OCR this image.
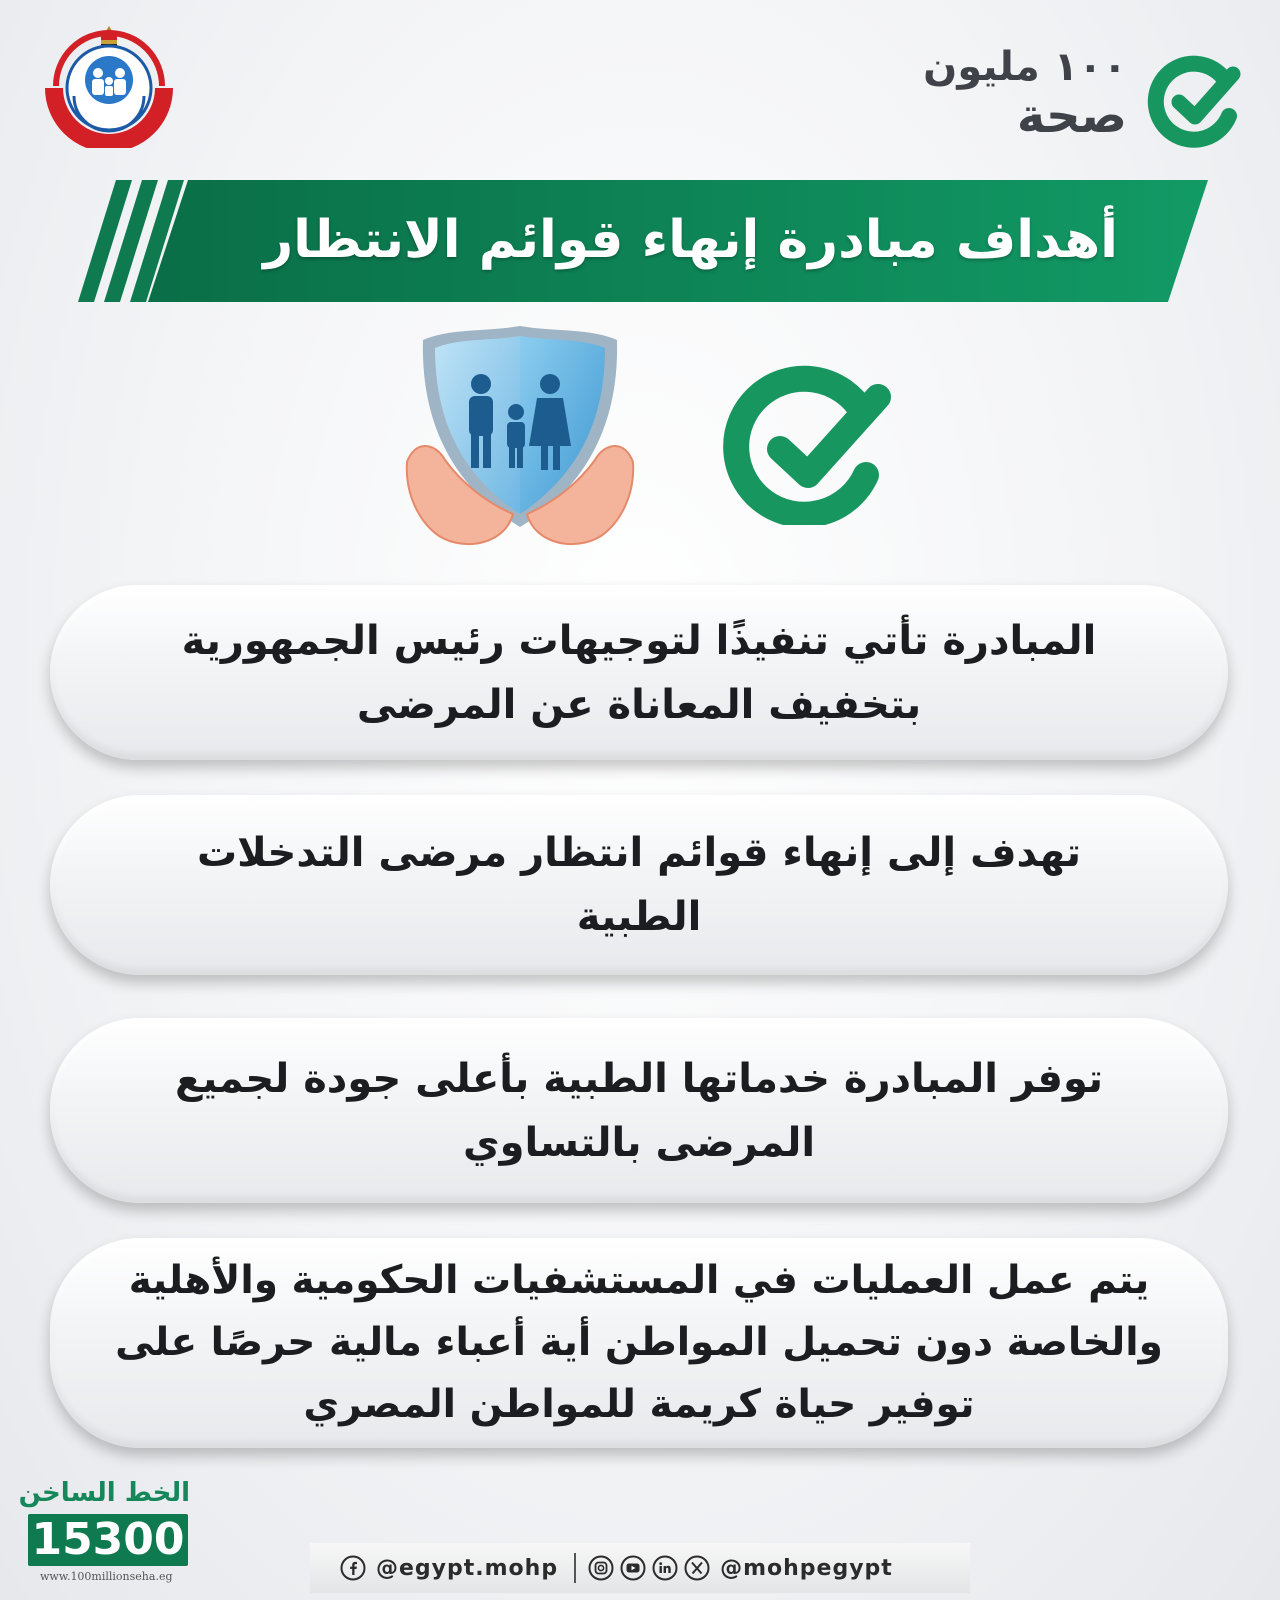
١٠٠ مليون
صحة
أهداف مبادرة إنهاء قوائم الانتظار
المبادرة تأتي تنفيذًا لتوجيهات رئيس الجمهورية بتخفيف المعاناة عن المرضى
تهدف إلى إنهاء قوائم انتظار مرضى التدخلات الطبية
توفر المبادرة خدماتها الطبية بأعلى جودة لجميع المرضى بالتساوي
يتم عمل العمليات في المستشفيات الحكومية والأهلية والخاصة دون تحميل المواطن أية أعباء مالية حرصًا على توفير حياة كريمة للمواطن المصري
الخط الساخن
15300
www.100millionseha.eg	@egypt.mohp	@mohpegypt
